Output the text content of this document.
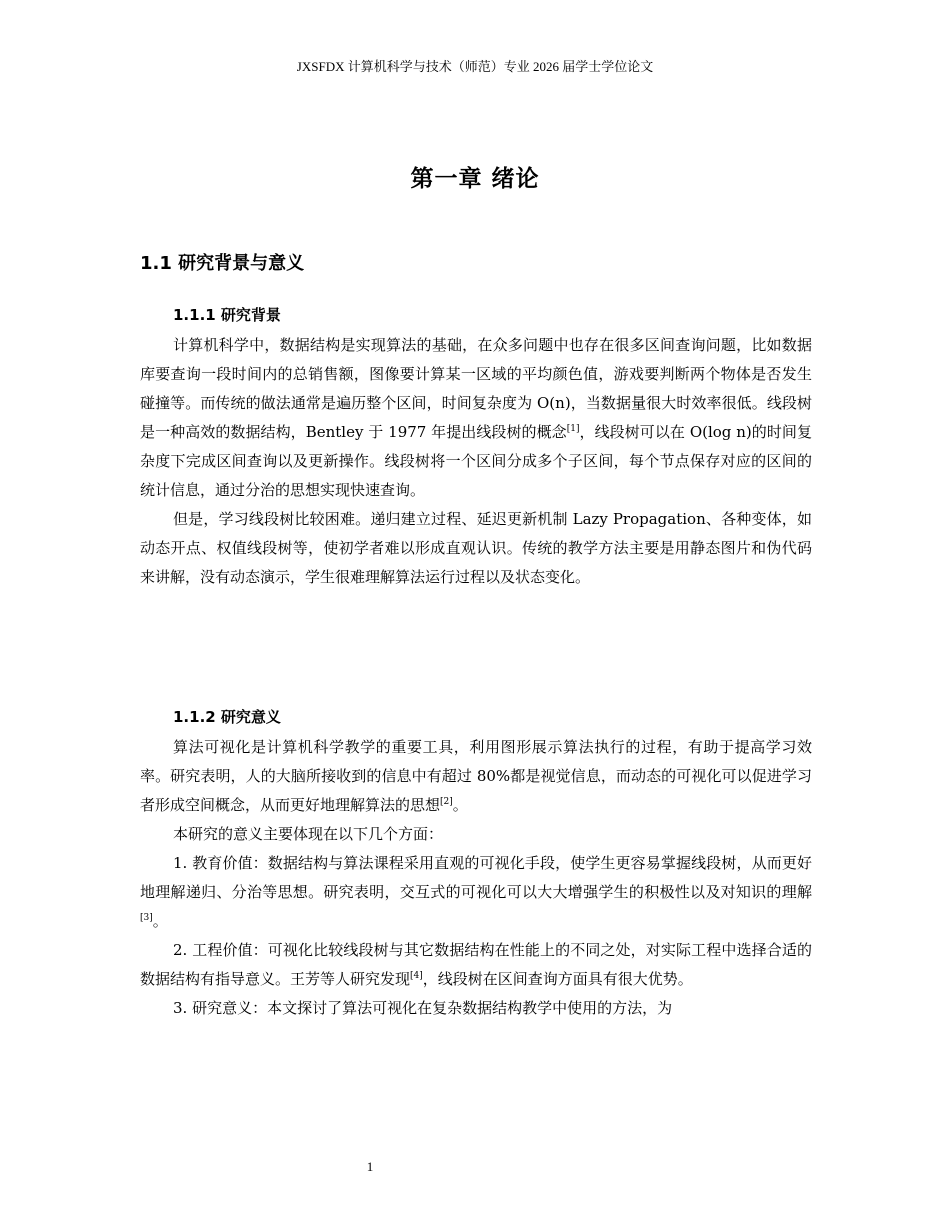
JXSFDX 计算机科学与技术（师范）专业 2026 届学士学位论文
第一章 绪论
1.1 研究背景与意义
1.1.1 研究背景

计算机科学中，数据结构是实现算法的基础，在众多问题中也存在很多区间查询问题，比如数据库要查询一段时间内的总销售额，图像要计算某一区域的平均颜色值，游戏要判断两个物体是否发生碰撞等。而传统的做法通常是遍历整个区间，时间复杂度为 O(n)，当数据量很大时效率很低。线段树是一种高效的数据结构，Bentley 于 1977 年提出线段树的概念[1]，线段树可以在 O(log n)的时间复杂度下完成区间查询以及更新操作。线段树将一个区间分成多个子区间，每个节点保存对应的区间的统计信息，通过分治的思想实现快速查询。

但是，学习线段树比较困难。递归建立过程、延迟更新机制 Lazy Propagation、各种变体，如动态开点、权值线段树等，使初学者难以形成直观认识。传统的教学方法主要是用静态图片和伪代码来讲解，没有动态演示，学生很难理解算法运行过程以及状态变化。

1.1.2 研究意义

算法可视化是计算机科学教学的重要工具，利用图形展示算法执行的过程，有助于提高学习效率。研究表明，人的大脑所接收到的信息中有超过 80%都是视觉信息，而动态的可视化可以促进学习者形成空间概念，从而更好地理解算法的思想[2]。

本研究的意义主要体现在以下几个方面：

1. 教育价值：数据结构与算法课程采用直观的可视化手段，使学生更容易掌握线段树，从而更好地理解递归、分治等思想。研究表明，交互式的可视化可以大大增强学生的积极性以及对知识的理解[3]。

2. 工程价值：可视化比较线段树与其它数据结构在性能上的不同之处，对实际工程中选择合适的数据结构有指导意义。王芳等人研究发现[4]，线段树在区间查询方面具有很大优势。

3. 研究意义：本文探讨了算法可视化在复杂数据结构教学中使用的方法，为

1
